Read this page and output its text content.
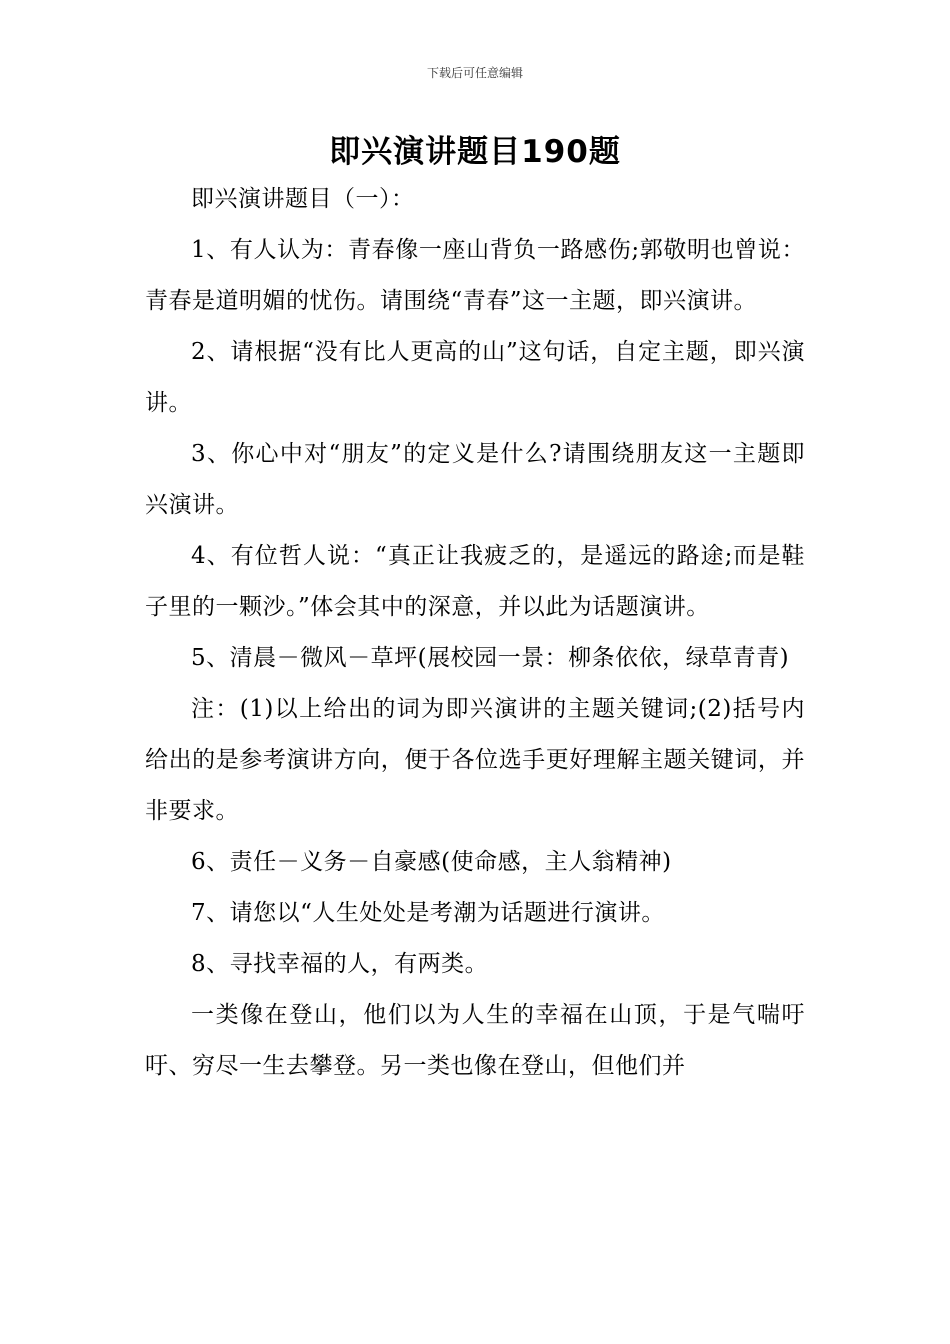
下载后可任意编辑
即兴演讲题目190题

即兴演讲题目（一）：

1、有人认为：青春像一座山背负一路感伤;郭敬明也曾说：青春是道明媚的忧伤。请围绕“青春”这一主题，即兴演讲。

2、请根据“没有比人更高的山”这句话，自定主题，即兴演讲。

3、你心中对“朋友”的定义是什么?请围绕朋友这一主题即兴演讲。

4、有位哲人说：“真正让我疲乏的，是遥远的路途;而是鞋子里的一颗沙。”体会其中的深意，并以此为话题演讲。

5、清晨－微风－草坪(展校园一景：柳条依依，绿草青青)

注：(1)以上给出的词为即兴演讲的主题关键词;(2)括号内给出的是参考演讲方向，便于各位选手更好理解主题关键词，并非要求。

6、责任－义务－自豪感(使命感，主人翁精神)

7、请您以“人生处处是考潮为话题进行演讲。

8、寻找幸福的人，有两类。

一类像在登山，他们以为人生的幸福在山顶，于是气喘吁吁、穷尽一生去攀登。另一类也像在登山，但他们并
